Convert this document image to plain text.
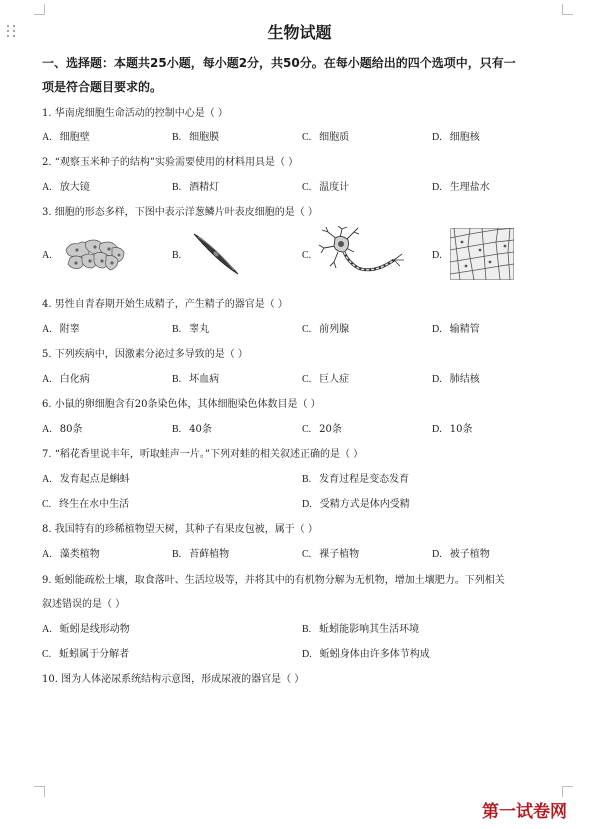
生物试题
一、选择题：本题共25小题，每小题2分，共50分。在每小题给出的四个选项中，只有一
项是符合题目要求的。
1. 华南虎细胞生命活动的控制中心是（ ）
A. 细胞壁	B. 细胞膜	C. 细胞质	D. 细胞核
2. “观察玉米种子的结构”实验需要使用的材料用具是（ ）
A. 放大镜	B. 酒精灯	C. 温度计	D. 生理盐水
3. 细胞的形态多样，下图中表示洋葱鳞片叶表皮细胞的是（ ）
A.	B.	C.	D.
4. 男性自青春期开始生成精子，产生精子的器官是（ ）
A. 附睾	B. 睾丸	C. 前列腺	D. 输精管
5. 下列疾病中，因激素分泌过多导致的是（ ）
A. 白化病	B. 坏血病	C. 巨人症	D. 肺结核
6. 小鼠的卵细胞含有20条染色体，其体细胞染色体数目是（ ）
A. 80条	B. 40条	C. 20条	D. 10条
7. “稻花香里说丰年，听取蛙声一片。”下列对蛙的相关叙述正确的是（ ）
A. 发育起点是蝌蚪	B. 发育过程是变态发育
C. 终生在水中生活	D. 受精方式是体内受精
8. 我国特有的珍稀植物望天树，其种子有果皮包被，属于（ ）
A. 藻类植物	B. 苔藓植物	C. 裸子植物	D. 被子植物
9. 蚯蚓能疏松土壤，取食落叶、生活垃圾等，并将其中的有机物分解为无机物，增加土壤肥力。下列相关
叙述错误的是（ ）
A. 蚯蚓是线形动物	B. 蚯蚓能影响其生活环境
C. 蚯蚓属于分解者	D. 蚯蚓身体由许多体节构成
10. 图为人体泌尿系统结构示意图，形成尿液的器官是（ ）
第一试卷网
